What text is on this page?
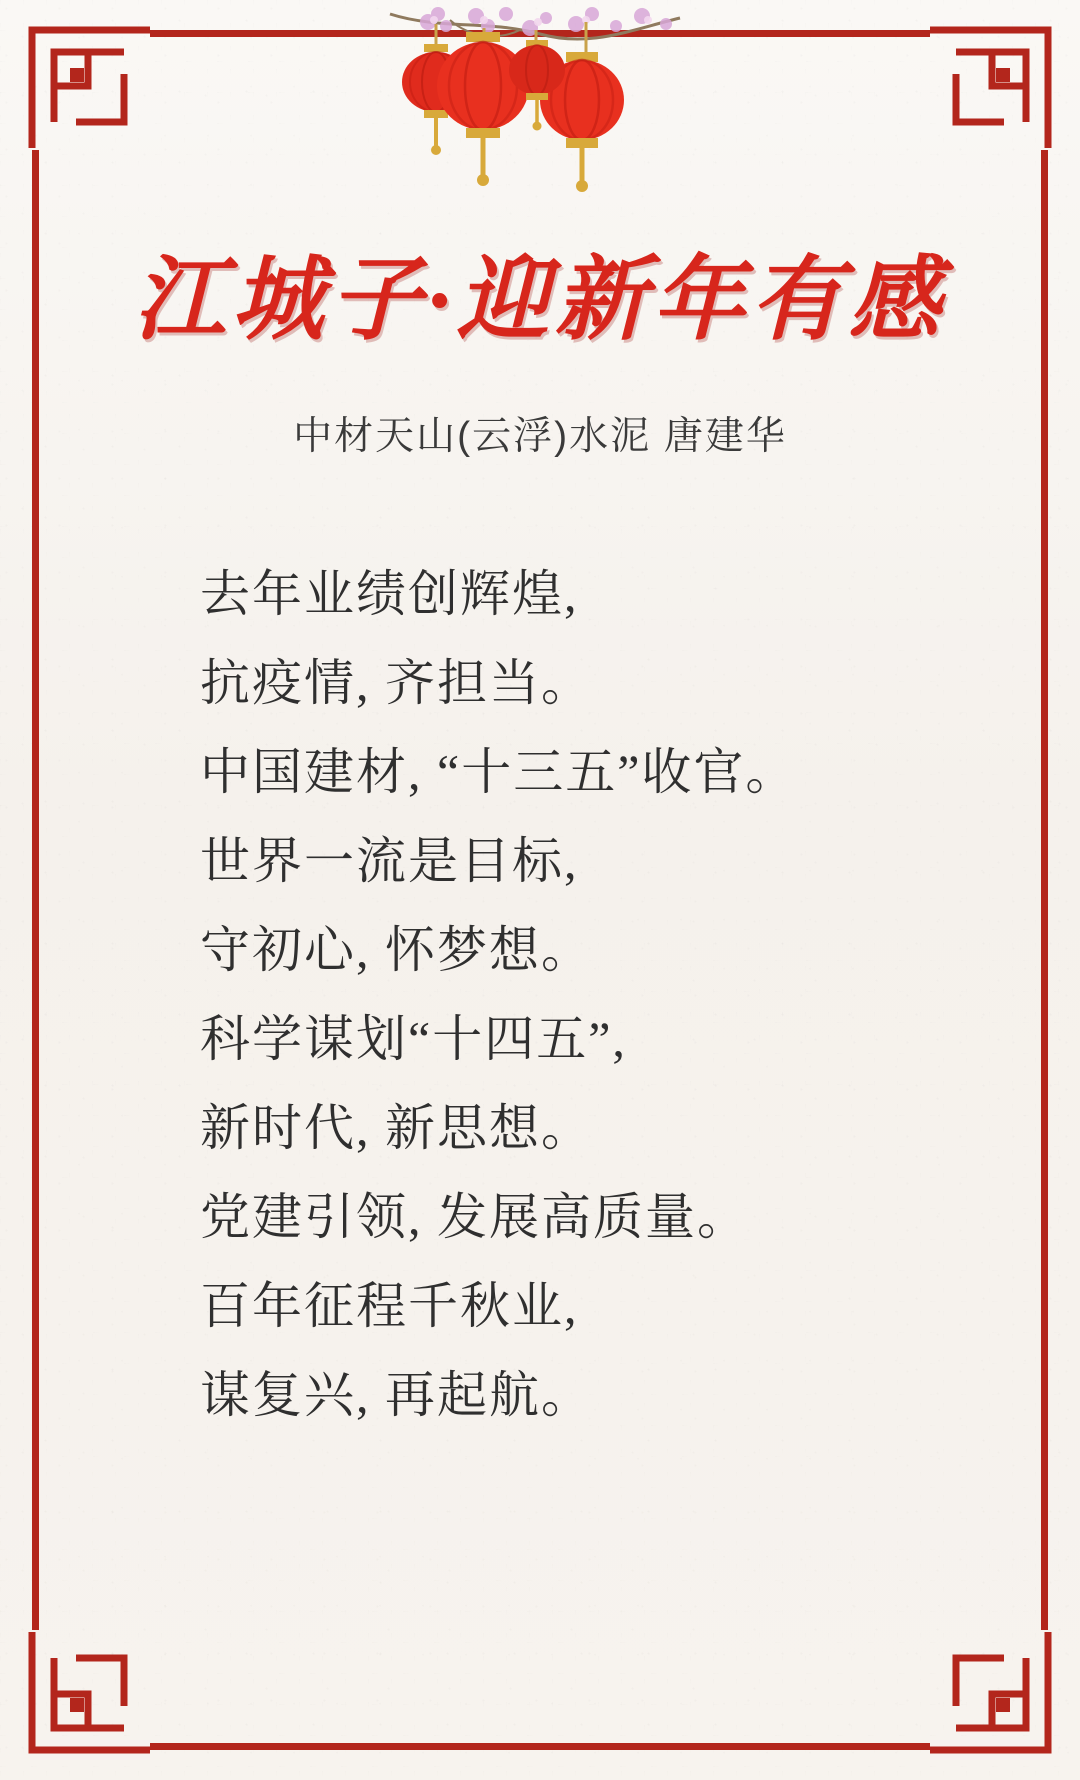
江城子·迎新年有感
中材天山(云浮)水泥 唐建华
去年业绩创辉煌,
抗疫情, 齐担当。
中国建材, “十三五”收官。
世界一流是目标,
守初心, 怀梦想。
科学谋划“十四五”,
新时代, 新思想。
党建引领, 发展高质量。
百年征程千秋业,
谋复兴, 再起航。
